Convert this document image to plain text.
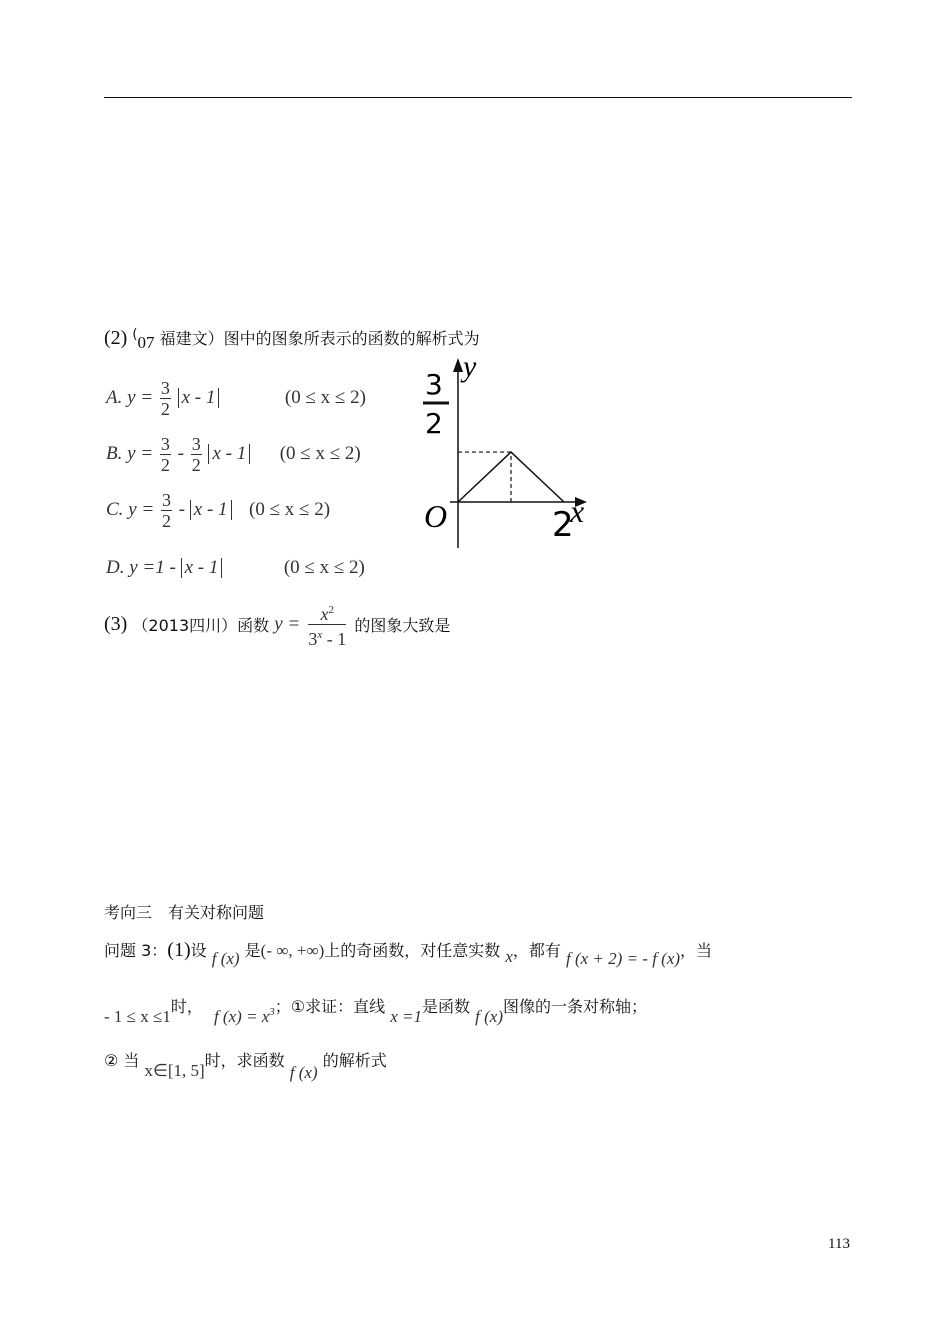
(2) (07 福建文）图中的图象所表示的函数的解析式为
A. $y = \frac{3}{2}$ x - 1	(0 ≤ x ≤ 2)
B. $y = \frac{3}{2} - \frac{3}{2}$ x - 1 (0 ≤ x ≤ 2)
C. $y = \frac{3}{2} - x - 1$ (0 ≤ x ≤ 2)
D. y =1 - x - 1	(0 ≤ x ≤ 2)
y
x
O	2
3
2
(3) （2013四川）函数 $y = \frac{x^2}{3^x - 1}$ 的图象大致是
考向三　有关对称问题
问题 3：(1)设 f (x) 是(- ∞, +∞)上的奇函数，对任意实数 x，都有 f (x + 2) = - f (x)，当
- 1 ≤ x ≤1时， f $(x) = x^3$；①求证：直线 x =1是函数 f (x)图像的一条对称轴；
② 当 x∈[1, 5]时，求函数 f (x) 的解析式
113
